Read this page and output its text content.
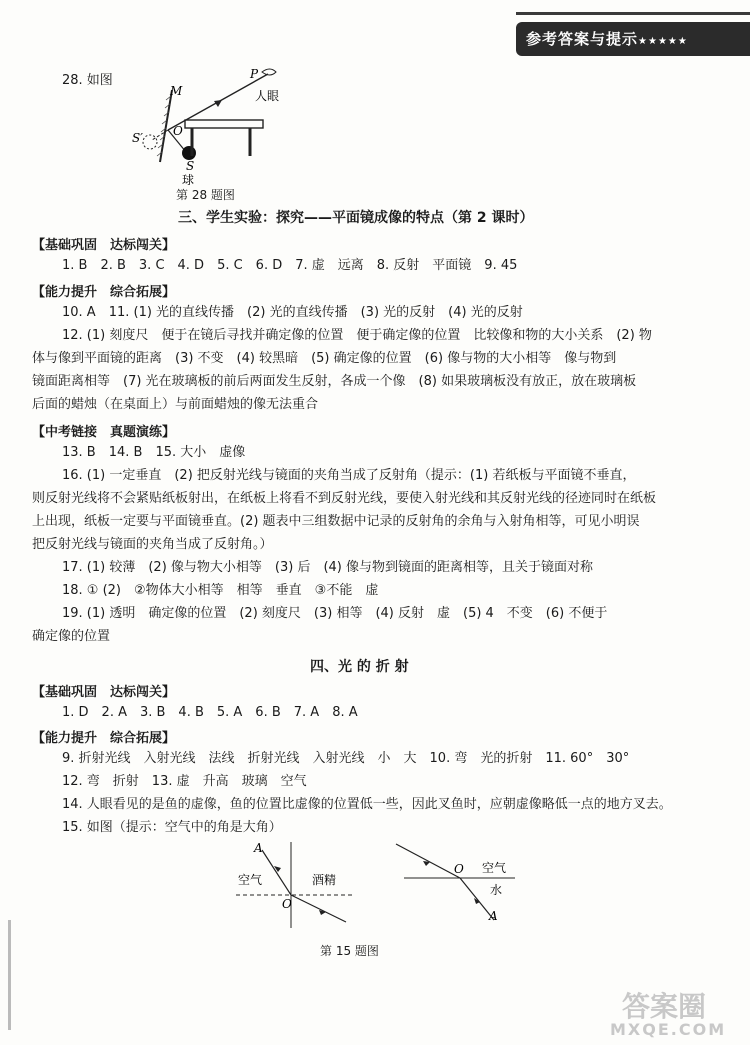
参考答案与提示★★★★★
28. 如图	P
人眼
M
S′	O
S
球
第 28 题图
三、学生实验：探究——平面镜成像的特点（第 2 课时）
【基础巩固　达标闯关】
1. B　2. B　3. C　4. D　5. C　6. D　7. 虚　远离　8. 反射　平面镜　9. 45
【能力提升　综合拓展】
10. A　11. (1) 光的直线传播　(2) 光的直线传播　(3) 光的反射　(4) 光的反射
12. (1) 刻度尺　便于在镜后寻找并确定像的位置　便于确定像的位置　比较像和物的大小关系　(2) 物
体与像到平面镜的距离　(3) 不变　(4) 较黑暗　(5) 确定像的位置　(6) 像与物的大小相等　像与物到
镜面距离相等　(7) 光在玻璃板的前后两面发生反射，各成一个像　(8) 如果玻璃板没有放正，放在玻璃板
后面的蜡烛（在桌面上）与前面蜡烛的像无法重合
【中考链接　真题演练】
13. B　14. B　15. 大小　虚像
16. (1) 一定垂直　(2) 把反射光线与镜面的夹角当成了反射角（提示：(1) 若纸板与平面镜不垂直，
则反射光线将不会紧贴纸板射出，在纸板上将看不到反射光线，要使入射光线和其反射光线的径迹同时在纸板
上出现，纸板一定要与平面镜垂直。(2) 题表中三组数据中记录的反射角的余角与入射角相等，可见小明误
把反射光线与镜面的夹角当成了反射角。）
17. (1) 较薄　(2) 像与物大小相等　(3) 后　(4) 像与物到镜面的距离相等，且关于镜面对称
18. ① (2)　②物体大小相等　相等　垂直　③不能　虚
19. (1) 透明　确定像的位置　(2) 刻度尺　(3) 相等　(4) 反射　虚　(5) 4　不变　(6) 不便于
确定像的位置
四、光 的 折 射
【基础巩固　达标闯关】
1. D　2. A　3. B　4. B　5. A　6. B　7. A　8. A
【能力提升　综合拓展】
9. 折射光线　入射光线　法线　折射光线　入射光线　小　大　10. 弯　光的折射　11. 60°　30°
12. 弯　折射　13. 虚　升高　玻璃　空气
14. 人眼看见的是鱼的虚像，鱼的位置比虚像的位置低一些，因此叉鱼时，应朝虚像略低一点的地方叉去。
15. 如图（提示：空气中的角是大角）
A
空气	酒精
O
O 空气
水
A
第 15 题图
答案圈
MXQE.COM
